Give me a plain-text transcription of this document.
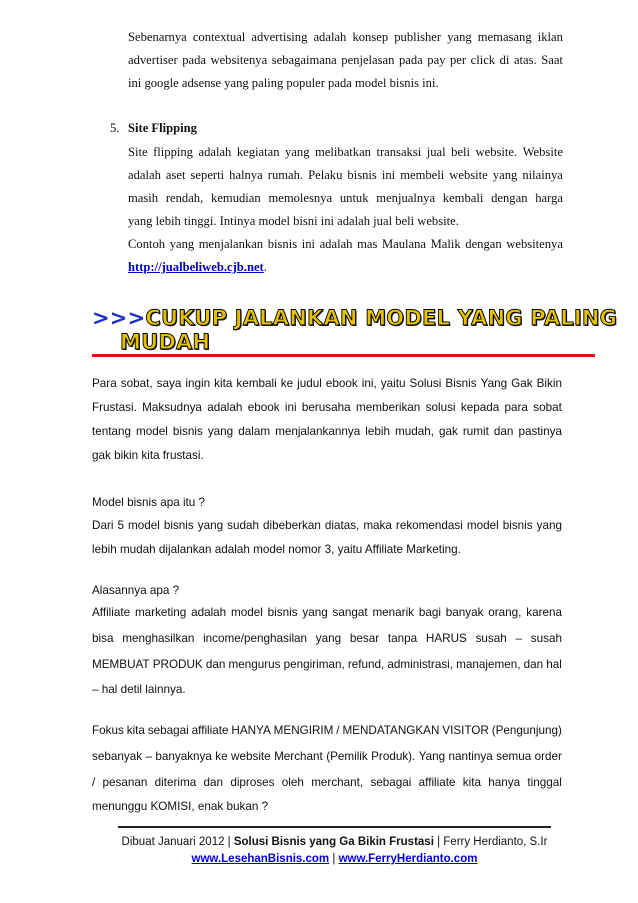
Sebenarnya contextual advertising adalah konsep publisher yang memasang iklan
advertiser pada websitenya sebagaimana penjelasan pada pay per click di atas. Saat
ini google adsense yang paling populer pada model bisnis ini.
5. Site Flipping
Site flipping adalah kegiatan yang melibatkan transaksi jual beli website. Website
adalah aset seperti halnya rumah. Pelaku bisnis ini membeli website yang nilainya
masih rendah, kemudian memolesnya untuk menjualnya kembali dengan harga
yang lebih tinggi. Intinya model bisni ini adalah jual beli website.
Contoh yang menjalankan bisnis ini adalah mas Maulana Malik dengan websitenya
http://jualbeliweb.cjb.net.
>>>CUKUP JALANKAN MODEL YANG PALING
MUDAH
Para sobat, saya ingin kita kembali ke judul ebook ini, yaitu Solusi Bisnis Yang Gak Bikin
Frustasi. Maksudnya adalah ebook ini berusaha memberikan solusi kepada para sobat
tentang model bisnis yang dalam menjalankannya lebih mudah, gak rumit dan pastinya
gak bikin kita frustasi.
Model bisnis apa itu ?
Dari 5 model bisnis yang sudah dibeberkan diatas, maka rekomendasi model bisnis yang
lebih mudah dijalankan adalah model nomor 3, yaitu Affiliate Marketing.
Alasannya apa ?
Affiliate marketing adalah model bisnis yang sangat menarik bagi banyak orang, karena
bisa menghasilkan income/penghasilan yang besar tanpa HARUS susah – susah
MEMBUAT PRODUK dan mengurus pengiriman, refund, administrasi, manajemen, dan hal
– hal detil lainnya.
Fokus kita sebagai affiliate HANYA MENGIRIM / MENDATANGKAN VISITOR (Pengunjung)
sebanyak – banyaknya ke website Merchant (Pemilik Produk). Yang nantinya semua order
/ pesanan diterima dan diproses oleh merchant, sebagai affiliate kita hanya tinggal
menunggu KOMISI, enak bukan ?
Dibuat Januari 2012 | Solusi Bisnis yang Ga Bikin Frustasi | Ferry Herdianto, S.Ir
www.LesehanBisnis.com | www.FerryHerdianto.com
